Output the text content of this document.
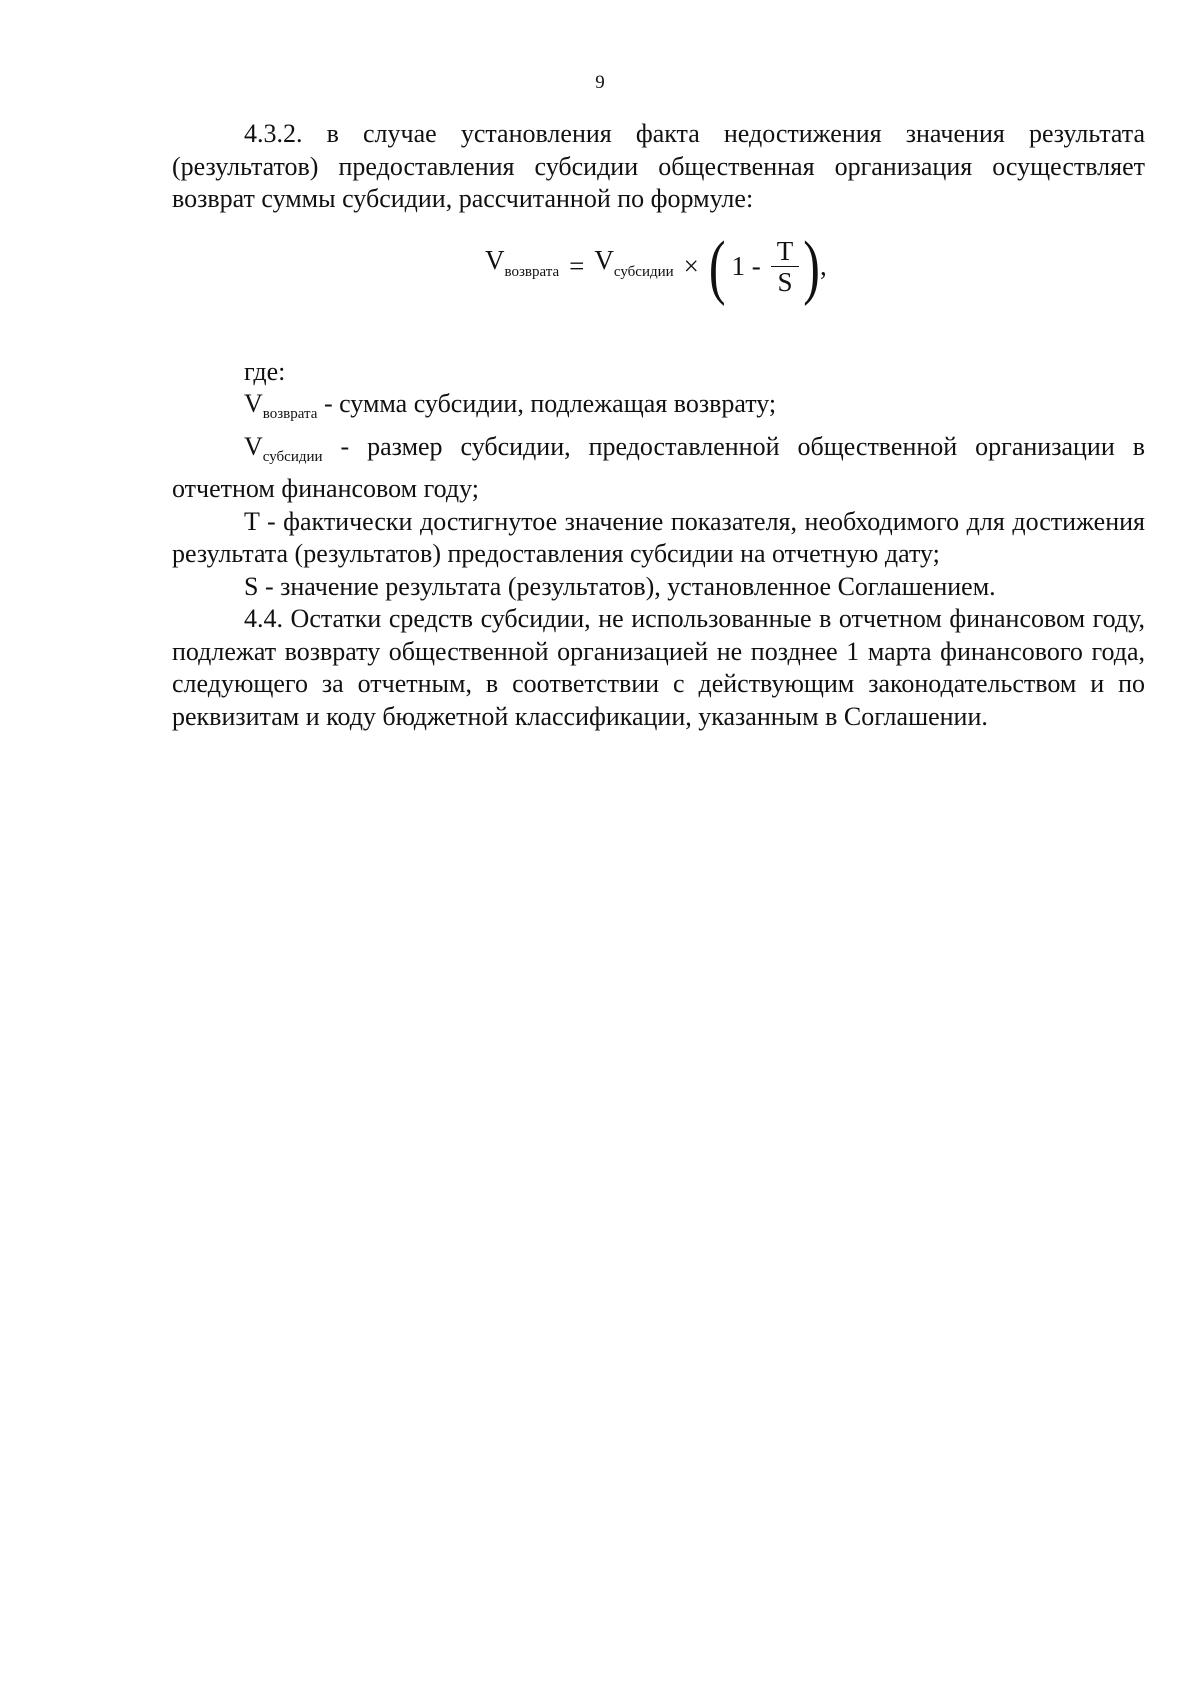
9

4.3.2. в случае установления факта недостижения значения результата (результатов) предоставления субсидии общественная организация осуществляет возврат суммы субсидии, рассчитанной по формуле:

$V_{возврата} = V_{субсидии}$ × ( $1 - \frac{T}{S}$ ) ,

где:

$V_{возврата}$ - сумма субсидии, подлежащая возврату;

$V_{субсидии}$ - размер субсидии, предоставленной общественной организации в отчетном финансовом году;

T - фактически достигнутое значение показателя, необходимого для достижения результата (результатов) предоставления субсидии на отчетную дату;

S - значение результата (результатов), установленное Соглашением.

4.4. Остатки средств субсидии, не использованные в отчетном финансовом году, подлежат возврату общественной организацией не позднее 1 марта финансового года, следующего за отчетным, в соответствии с действующим законодательством и по реквизитам и коду бюджетной классификации, указанным в Соглашении.
